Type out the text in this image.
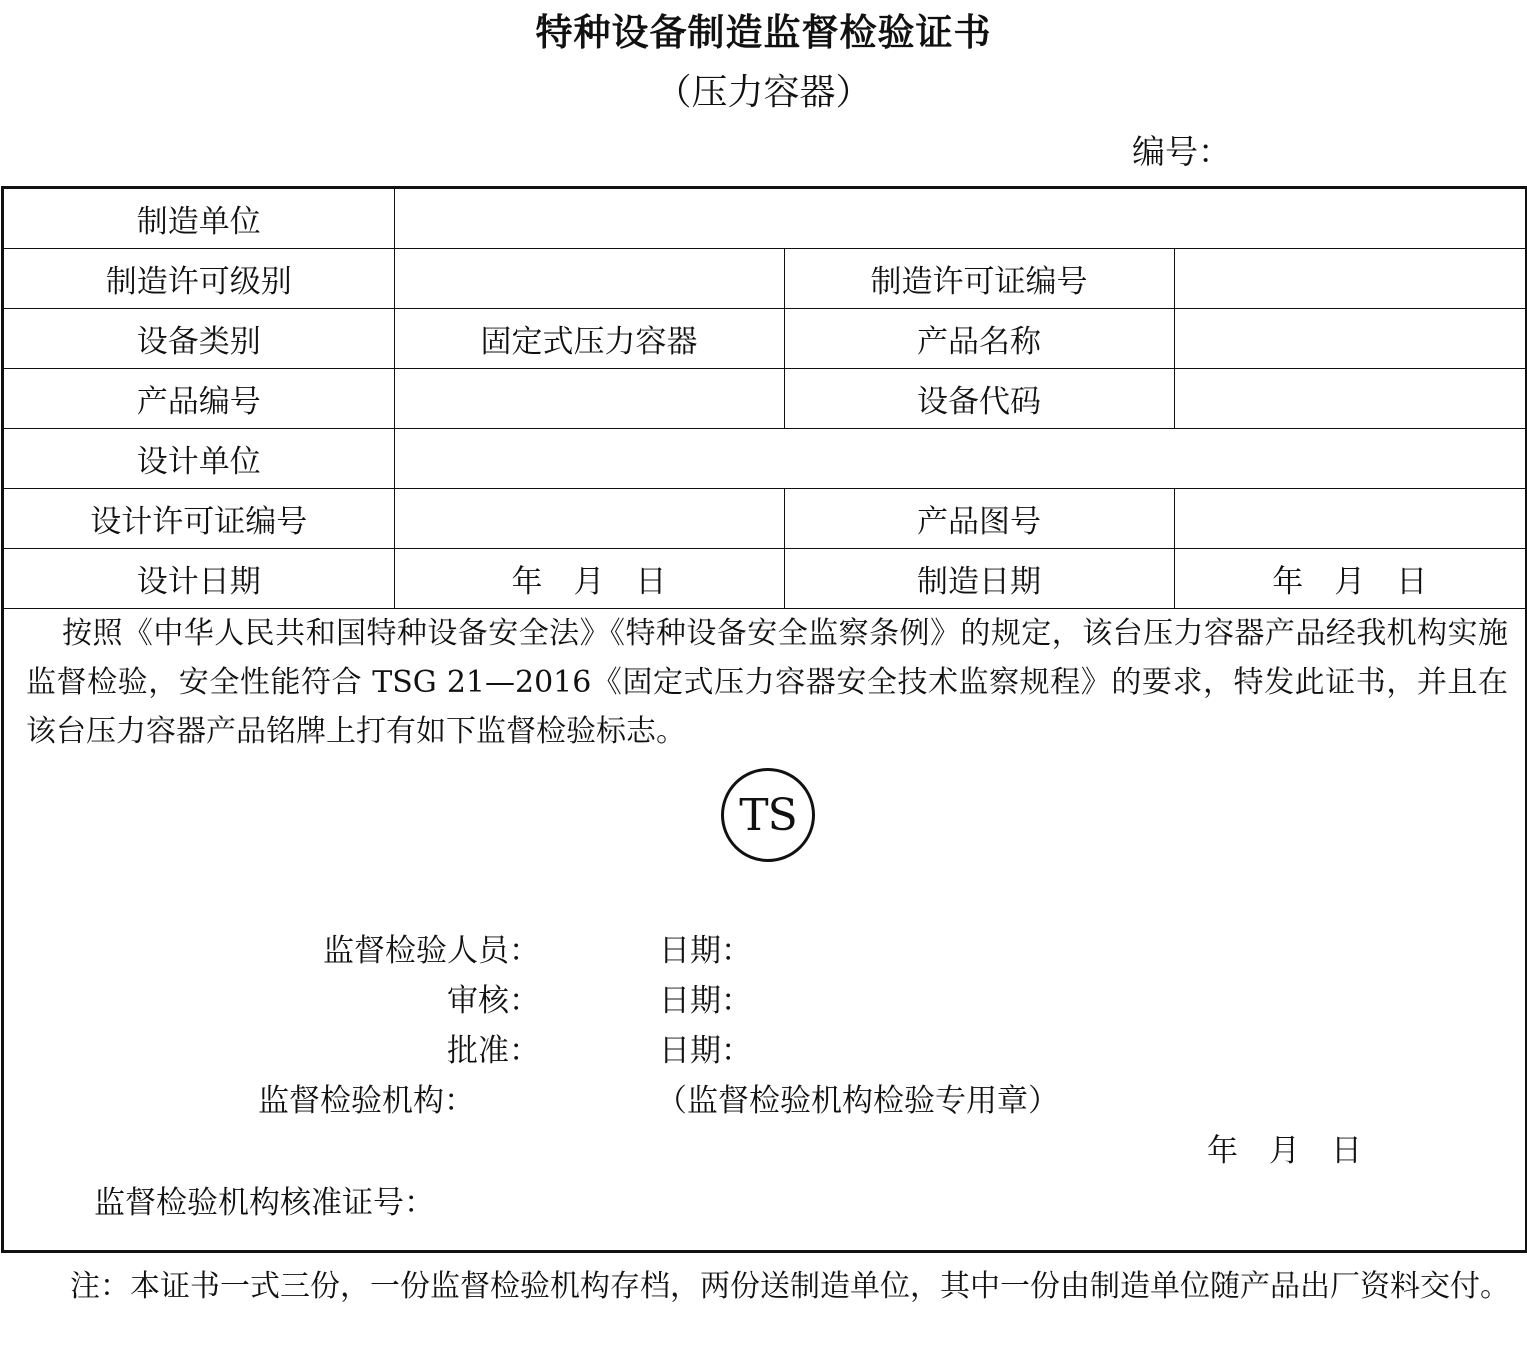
特种设备制造监督检验证书
（压力容器）
编号：
制造单位			
制造许可级别		制造许可证编号	
设备类别	固定式压力容器	产品名称	
产品编号		设备代码	
设计单位			
设计许可证编号		产品图号	
设计日期	年　月　日	制造日期	年　月　日
按照《中华人民共和国特种设备安全法》《特种设备安全监察条例》的规定，该台压力容器产品经我机构实施监督检验，安全性能符合 TSG 21—2016《固定式压力容器安全技术监察规程》的要求，特发此证书，并且在该台压力容器产品铭牌上打有如下监督检验标志。
TS
监督检验人员：	日期：
审核：	日期：
批准：	日期：
监督检验机构：	（监督检验机构检验专用章）
年　月　日
监督检验机构核准证号：
注：本证书一式三份，一份监督检验机构存档，两份送制造单位，其中一份由制造单位随产品出厂资料交付。
